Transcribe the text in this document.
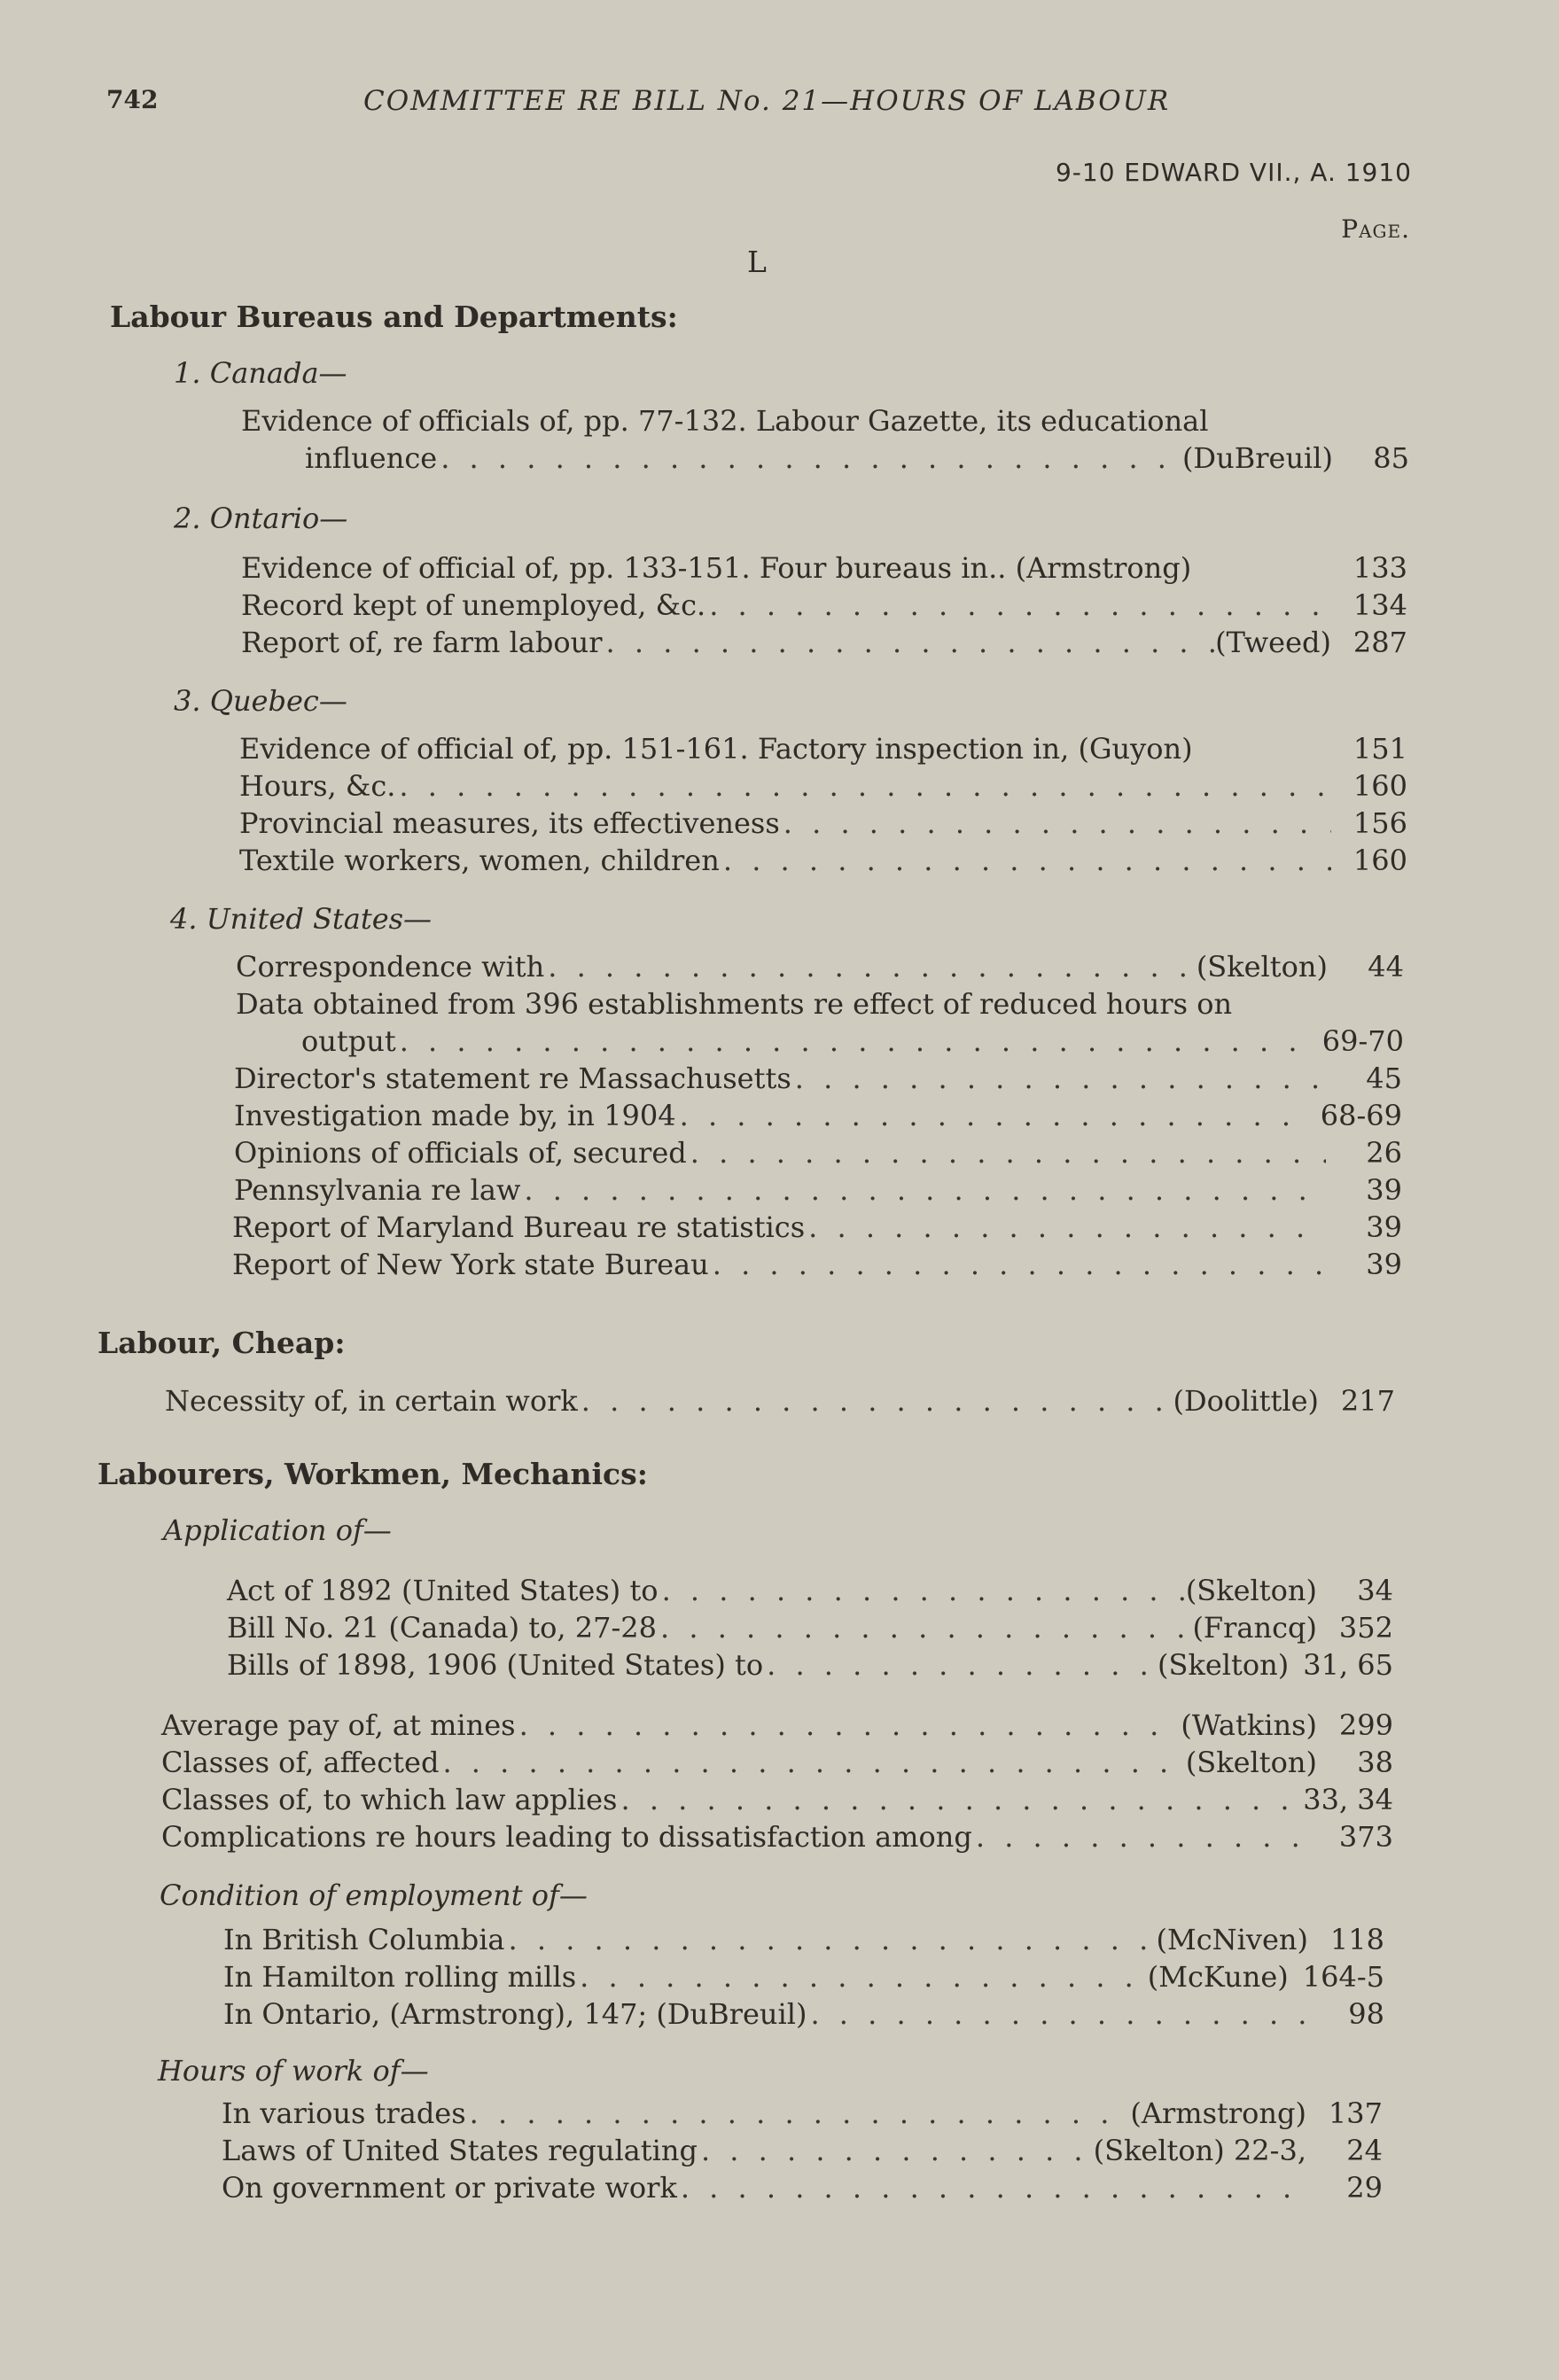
742	COMMITTEE RE BILL No. 21—HOURS OF LABOUR
9-10 EDWARD VII., A. 1910
Page.
L
Labour Bureaus and Departments:
1. Canada—
Evidence of officials of, pp. 77-132. Labour Gazette, its educational
influence . . .	(DuBreuil)	85
2. Ontario—
Evidence of official of, pp. 133-151. Four bureaus in.. (Armstrong)	133
Record kept of unemployed, &c. . . .	134
Report of, re farm labour . . .	(Tweed) 287
3. Quebec—
Evidence of official of, pp. 151-161. Factory inspection in, (Guyon)	151
Hours, &c. . . .	160
Provincial measures, its effectiveness . . .	156
Textile workers, women, children . . .	160
4. United States—
Correspondence with . . .	(Skelton)	44
Data obtained from 396 establishments re effect of reduced hours on
output . . .	69-70
Director's statement re Massachusetts . . .	45
Investigation made by, in 1904 . . .	68-69
Opinions of officials of, secured . . .	26
Pennsylvania re law . . .	39
Report of Maryland Bureau re statistics . . .	39
Report of New York state Bureau . . .	39
Labour, Cheap:
Necessity of, in certain work . . .	(Doolittle) 217
Labourers, Workmen, Mechanics:
Application of—
Act of 1892 (United States) to . . .	(Skelton)	34
Bill No. 21 (Canada) to, 27-28 . . .	(Francq) 352
Bills of 1898, 1906 (United States) to . . .	(Skelton) 31, 65
Average pay of, at mines . . .	(Watkins) 299
Classes of, affected . . .	(Skelton)	38
Classes of, to which law applies . . .	33, 34
Complications re hours leading to dissatisfaction among . . .	373
Condition of employment of—
In British Columbia . . .	(McNiven) 118
In Hamilton rolling mills . . .	(McKune) 164-5
In Ontario, (Armstrong), 147; (DuBreuil) . . .	98
Hours of work of—
In various trades . . .	(Armstrong) 137
Laws of United States regulating . . .	(Skelton) 22-3,	24
On government or private work . . .	29
